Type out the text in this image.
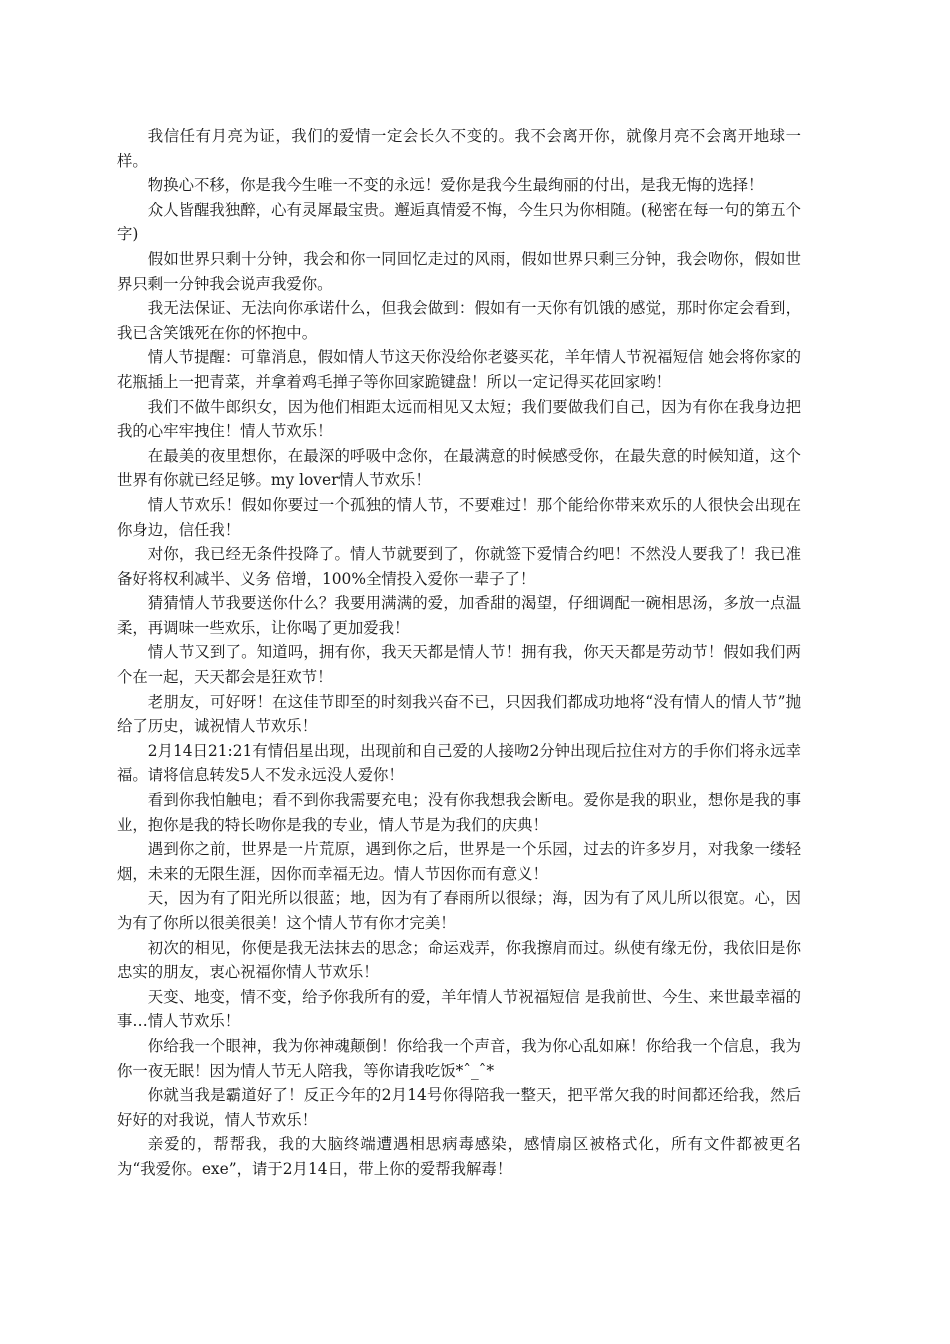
我信任有月亮为证，我们的爱情一定会长久不变的。我不会离开你，就像月亮不会离开地球一样。

物换心不移，你是我今生唯一不变的永远！爱你是我今生最绚丽的付出，是我无悔的选择！

众人皆醒我独醉，心有灵犀最宝贵。邂逅真情爱不悔，今生只为你相随。(秘密在每一句的第五个字)

假如世界只剩十分钟，我会和你一同回忆走过的风雨，假如世界只剩三分钟，我会吻你，假如世界只剩一分钟我会说声我爱你。

我无法保证、无法向你承诺什么，但我会做到：假如有一天你有饥饿的感觉，那时你定会看到，我已含笑饿死在你的怀抱中。

情人节提醒：可靠消息，假如情人节这天你没给你老婆买花，羊年情人节祝福短信 她会将你家的花瓶插上一把青菜，并拿着鸡毛掸子等你回家跪键盘！所以一定记得买花回家哟！

我们不做牛郎织女，因为他们相距太远而相见又太短；我们要做我们自己，因为有你在我身边把我的心牢牢拽住！情人节欢乐！

在最美的夜里想你，在最深的呼吸中念你，在最满意的时候感受你，在最失意的时候知道，这个世界有你就已经足够。my lover情人节欢乐！

情人节欢乐！假如你要过一个孤独的情人节，不要难过！那个能给你带来欢乐的人很快会出现在你身边，信任我！

对你，我已经无条件投降了。情人节就要到了，你就签下爱情合约吧！不然没人要我了！我已准备好将权利减半、义务 倍增，100%全情投入爱你一辈子了！

猜猜情人节我要送你什么？我要用满满的爱，加香甜的渴望，仔细调配一碗相思汤，多放一点温柔，再调味一些欢乐，让你喝了更加爱我！

情人节又到了。知道吗，拥有你，我天天都是情人节！拥有我，你天天都是劳动节！假如我们两个在一起，天天都会是狂欢节！

老朋友，可好呀！在这佳节即至的时刻我兴奋不已，只因我们都成功地将“没有情人的情人节”抛给了历史，诚祝情人节欢乐！

2月14日21:21有情侣星出现，出现前和自己爱的人接吻2分钟出现后拉住对方的手你们将永远幸福。请将信息转发5人不发永远没人爱你！

看到你我怕触电；看不到你我需要充电；没有你我想我会断电。爱你是我的职业，想你是我的事业，抱你是我的特长吻你是我的专业，情人节是为我们的庆典！

遇到你之前，世界是一片荒原，遇到你之后，世界是一个乐园，过去的许多岁月，对我象一缕轻烟，未来的无限生涯，因你而幸福无边。情人节因你而有意义！

天，因为有了阳光所以很蓝；地，因为有了春雨所以很绿；海，因为有了风儿所以很宽。心，因为有了你所以很美很美！这个情人节有你才完美！

初次的相见，你便是我无法抹去的思念；命运戏弄，你我擦肩而过。纵使有缘无份，我依旧是你忠实的朋友，衷心祝福你情人节欢乐！

天变、地变，情不变，给予你我所有的爱，羊年情人节祝福短信 是我前世、今生、来世最幸福的事…情人节欢乐！

你给我一个眼神，我为你神魂颠倒！你给我一个声音，我为你心乱如麻！你给我一个信息，我为你一夜无眠！因为情人节无人陪我，等你请我吃饭*ˆ_ˆ*

你就当我是霸道好了！反正今年的2月14号你得陪我一整天，把平常欠我的时间都还给我，然后好好的对我说，情人节欢乐！

亲爱的，帮帮我，我的大脑终端遭遇相思病毒感染，感情扇区被格式化，所有文件都被更名为“我爱你。exe”，请于2月14日，带上你的爱帮我解毒！
